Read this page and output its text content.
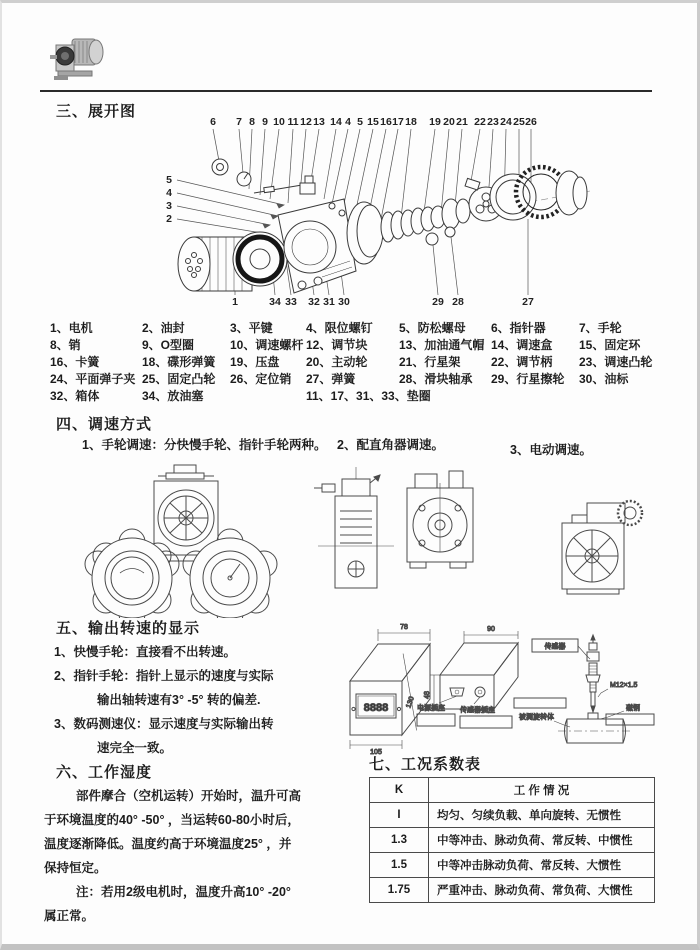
三、展开图
6 7 8 9 10 11 12 13 14 4 5 15 16 17 18 19 20 21 22 23 24 25 26
5
4
3
2
1	34 33 32 31 30	29 28	27
1、电机	2、油封	3、平键	4、限位螺钉	5、防松螺母	6、指针器	7、手轮
8、销	9、O型圈	10、调速螺杆 12、调节块	13、加油通气帽 14、调速盒	15、固定环
16、卡簧	18、碟形弹簧	19、压盘	20、主动轮	21、行星架	22、调节柄	23、调速凸轮
24、平面弹子夹 25、固定凸轮	26、定位销	27、弹簧	28、滑块轴承	29、行星擦轮	30、油标
32、箱体	34、放油塞	11、17、31、33、垫圈
四、调速方式
1、手轮调速：分快慢手轮、指针手轮两种。 2、配直角器调速。	3、电动调速。
五、输出转速的显示
1、快慢手轮：直接看不出转速。
2、指针手轮：指针上显示的速度与实际
输出轴转速有3° -5° 转的偏差.
3、数码测速仪：显示速度与实际输出转
速完全一致。
8888
78
105
130
90
48
电源插座 传感器插座
传感器
M12×1.5
被测旋转体
磁钢
六、工作湿度
部件摩合（空机运转）开始时，温升可高
于环境温度的40° -50° ，当运转60-80小时后，
温度逐渐降低。温度约高于环境温度25° ，并
保持恒定。
注：若用2级电机时，温度升高10° -20°
属正常。
七、工况系数表
K	工 作 情 况
I	均匀、匀续负载、单向旋转、无惯性
1.3	中等冲击、脉动负荷、常反转、中惯性
1.5	中等冲击脉动负荷、常反转、大惯性
1.75	严重冲击、脉动负荷、常负荷、大惯性
